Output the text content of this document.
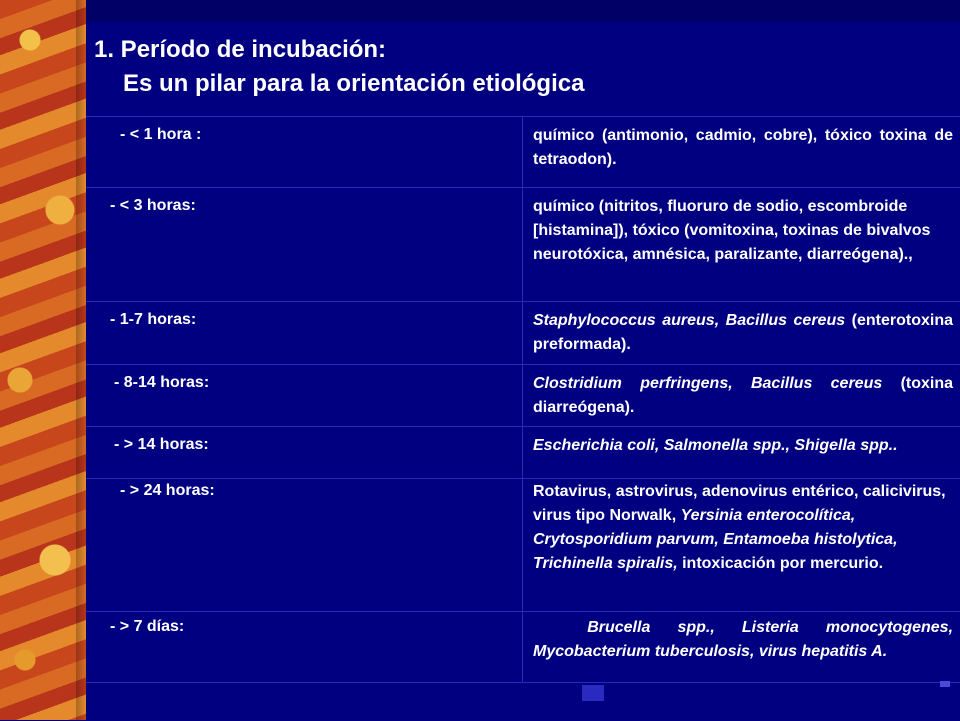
1. Período de incubación:
Es un pilar para la orientación etiológica
- < 1 hora :	químico (antimonio, cadmio, cobre), tóxico toxina de tetraodon).
- < 3 horas:	químico (nitritos, fluoruro de sodio, escombroide [histamina]), tóxico (vomitoxina, toxinas de bivalvos neurotóxica, amnésica, paralizante, diarreógena).,
- 1-7 horas:	Staphylococcus aureus, Bacillus cereus (enterotoxina preformada).
- 8-14 horas:	Clostridium perfringens, Bacillus cereus (toxina diarreógena).
- > 14 horas:	Escherichia coli, Salmonella spp., Shigella spp..
- > 24 horas:	Rotavirus, astrovirus, adenovirus entérico, calicivirus, virus tipo Norwalk, Yersinia enterocolítica, Crytosporidium parvum, Entamoeba histolytica, Trichinella spiralis, intoxicación por mercurio.
- > 7 días:	Brucella spp., Listeria monocytogenes, Mycobacterium tuberculosis, virus hepatitis A.
